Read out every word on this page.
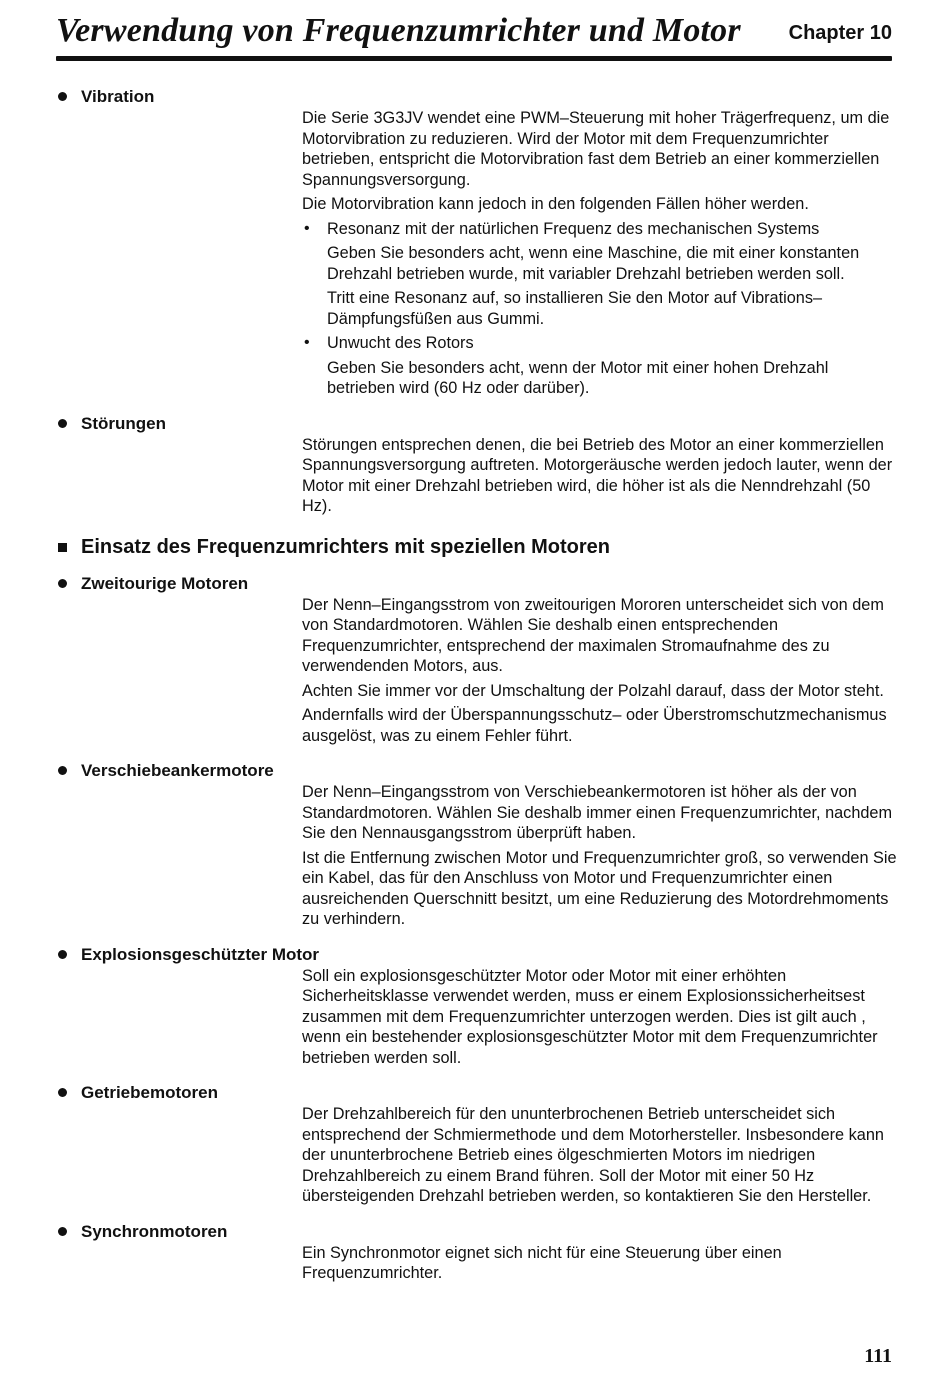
Verwendung von Frequenzumrichter und Motor Chapter 10
Vibration

Die Serie 3G3JV wendet eine PWM–Steuerung mit hoher Trägerfrequenz, um die Motorvibration zu reduzieren. Wird der Motor mit dem Frequenzumrichter betrieben, entspricht die Motorvibration fast dem Betrieb an einer kommerziellen Spannungsversorgung.

Die Motorvibration kann jedoch in den folgenden Fällen höher werden.

• Resonanz mit der natürlichen Frequenz des mechanischen Systems

Geben Sie besonders acht, wenn eine Maschine, die mit einer konstanten Drehzahl betrieben wurde, mit variabler Drehzahl betrieben werden soll.

Tritt eine Resonanz auf, so installieren Sie den Motor auf Vibrations–Dämpfungsfüßen aus Gummi.

• Unwucht des Rotors

Geben Sie besonders acht, wenn der Motor mit einer hohen Drehzahl betrieben wird (60 Hz oder darüber).

Störungen

Störungen entsprechen denen, die bei Betrieb des Motor an einer kommerziellen Spannungsversorgung auftreten. Motorgeräusche werden jedoch lauter, wenn der Motor mit einer Drehzahl betrieben wird, die höher ist als die Nenndrehzahl (50 Hz).

Einsatz des Frequenzumrichters mit speziellen Motoren
Zweitourige Motoren

Der Nenn–Eingangsstrom von zweitourigen Mororen unterscheidet sich von dem von Standardmotoren. Wählen Sie deshalb einen entsprechenden Frequenzumrichter, entsprechend der maximalen Stromaufnahme des zu verwendenden Motors, aus.

Achten Sie immer vor der Umschaltung der Polzahl darauf, dass der Motor steht.

Andernfalls wird der Überspannungsschutz– oder Überstromschutzmechanismus ausgelöst, was zu einem Fehler führt.

Verschiebeankermotore

Der Nenn–Eingangsstrom von Verschiebeankermotoren ist höher als der von Standardmotoren. Wählen Sie deshalb immer einen Frequenzumrichter, nachdem Sie den Nennausgangsstrom überprüft haben.

Ist die Entfernung zwischen Motor und Frequenzumrichter groß, so verwenden Sie ein Kabel, das für den Anschluss von Motor und Frequenzumrichter einen ausreichenden Querschnitt besitzt, um eine Reduzierung des Motordrehmoments zu verhindern.

Explosionsgeschützter Motor

Soll ein explosionsgeschützter Motor oder Motor mit einer erhöhten Sicherheitsklasse verwendet werden, muss er einem Explosionssicherheitsest zusammen mit dem Frequenzumrichter unterzogen werden. Dies ist gilt auch , wenn ein bestehender explosionsgeschützter Motor mit dem Frequenzumrichter betrieben werden soll.

Getriebemotoren

Der Drehzahlbereich für den ununterbrochenen Betrieb unterscheidet sich entsprechend der Schmiermethode und dem Motorhersteller. Insbesondere kann der ununterbrochene Betrieb eines ölgeschmierten Motors im niedrigen Drehzahlbereich zu einem Brand führen. Soll der Motor mit einer 50 Hz übersteigenden Drehzahl betrieben werden, so kontaktieren Sie den Hersteller.

Synchronmotoren

Ein Synchronmotor eignet sich nicht für eine Steuerung über einen Frequenzumrichter.

111
